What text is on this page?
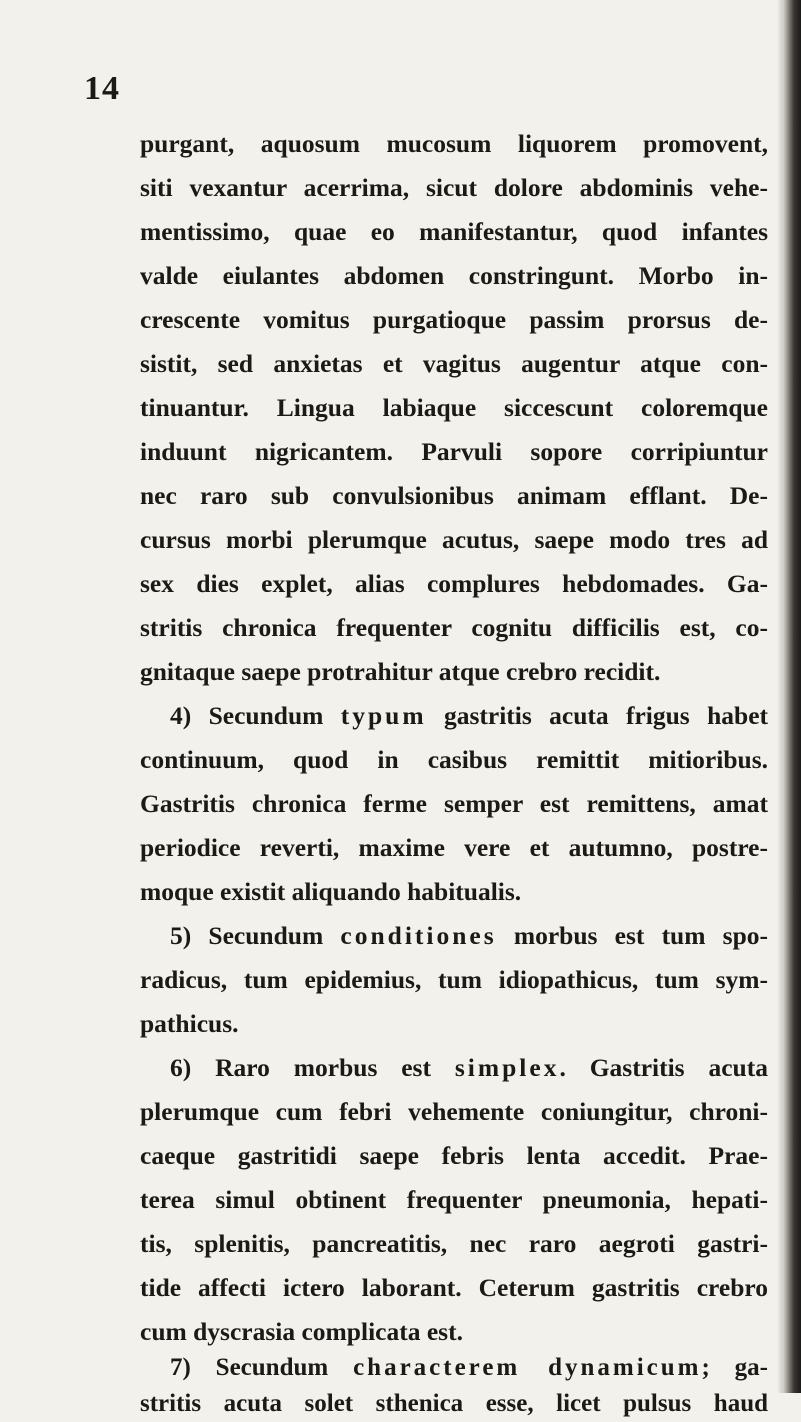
14
purgant, aquosum mucosum liquorem promovent,
siti vexantur acerrima, sicut dolore abdominis vehe-
mentissimo, quae eo manifestantur, quod infantes
valde eiulantes abdomen constringunt. Morbo in-
crescente vomitus purgatioque passim prorsus de-
sistit, sed anxietas et vagitus augentur atque con-
tinuantur. Lingua labiaque siccescunt coloremque
induunt nigricantem. Parvuli sopore corripiuntur
nec raro sub convulsionibus animam efflant. De-
cursus morbi plerumque acutus, saepe modo tres ad
sex dies explet, alias complures hebdomades. Ga-
stritis chronica frequenter cognitu difficilis est, co-
gnitaque saepe protrahitur atque crebro recidit.
4) Secundum typum gastritis acuta frigus habet
continuum, quod in casibus remittit mitioribus.
Gastritis chronica ferme semper est remittens, amat
periodice reverti, maxime vere et autumno, postre-
moque existit aliquando habitualis.
5) Secundum conditiones morbus est tum spo-
radicus, tum epidemius, tum idiopathicus, tum sym-
pathicus.
6) Raro morbus est simplex. Gastritis acuta
plerumque cum febri vehemente coniungitur, chroni-
caeque gastritidi saepe febris lenta accedit. Prae-
terea simul obtinent frequenter pneumonia, hepati-
tis, splenitis, pancreatitis, nec raro aegroti gastri-
tide affecti ictero laborant. Ceterum gastritis crebro
cum dyscrasia complicata est.
7) Secundum characterem dynamicum; ga-
stritis acuta solet sthenica esse, licet pulsus haud
